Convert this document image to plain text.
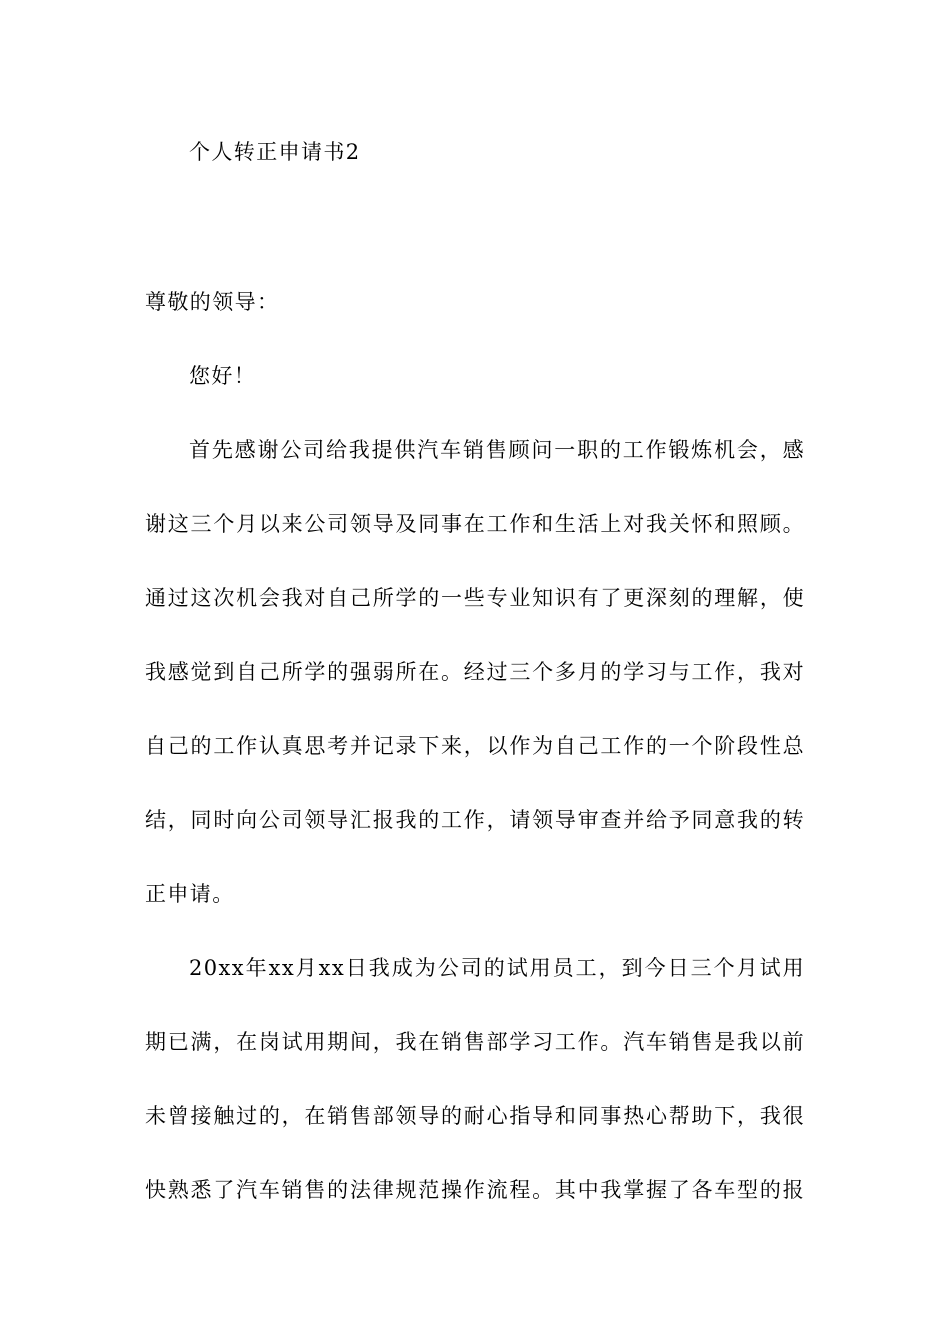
个人转正申请书2
尊敬的领导：
您好！
首先感谢公司给我提供汽车销售顾问一职的工作锻炼机会，感
谢这三个月以来公司领导及同事在工作和生活上对我关怀和照顾。
通过这次机会我对自己所学的一些专业知识有了更深刻的理解，使
我感觉到自己所学的强弱所在。经过三个多月的学习与工作，我对
自己的工作认真思考并记录下来，以作为自己工作的一个阶段性总
结，同时向公司领导汇报我的工作，请领导审查并给予同意我的转
正申请。
20xx年xx月xx日我成为公司的试用员工，到今日三个月试用
期已满，在岗试用期间，我在销售部学习工作。汽车销售是我以前
未曾接触过的，在销售部领导的耐心指导和同事热心帮助下，我很
快熟悉了汽车销售的法律规范操作流程。其中我掌握了各车型的报
